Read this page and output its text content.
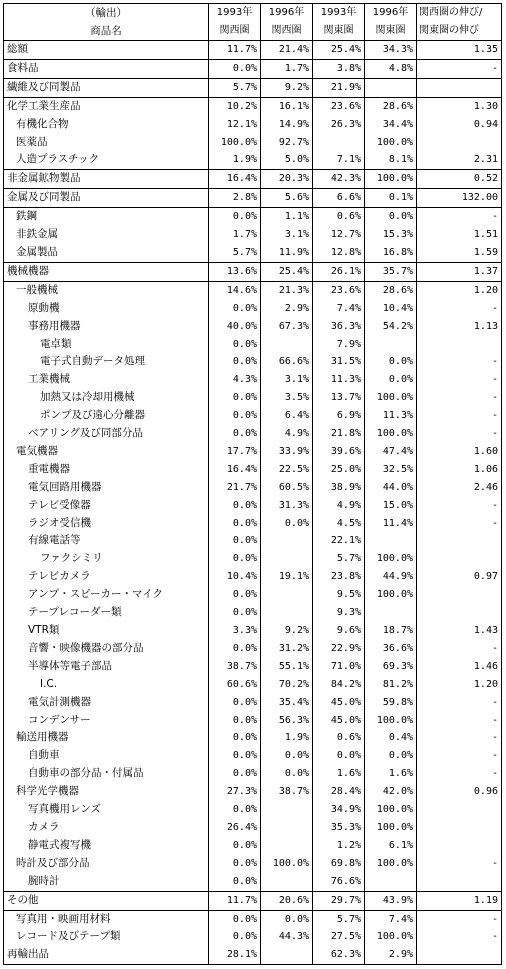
（輸出）	1993年	1996年	1993年	1996年	関西圏の伸び/
商品名	関西圏	関西圏	関東圏	関東圏	関東圏の伸び
総額	11.7%	21.4%	25.4%	34.3%	1.35
食料品	0.0%	1.7%	3.8%	4.8%	-
繊維及び同製品	5.7%	9.2%	21.9%		
化学工業生産品	10.2%	16.1%	23.6%	28.6%	1.30
有機化合物	12.1%	14.9%	26.3%	34.4%	0.94
医薬品	100.0%	92.7%		100.0%	
人造プラスチック	1.9%	5.0%	7.1%	8.1%	2.31
非金属鉱物製品	16.4%	20.3%	42.3%	100.0%	0.52
金属及び同製品	2.8%	5.6%	6.6%	0.1%	132.00
鉄鋼	0.0%	1.1%	0.6%	0.0%	-
非鉄金属	1.7%	3.1%	12.7%	15.3%	1.51
金属製品	5.7%	11.9%	12.8%	16.8%	1.59
機械機器	13.6%	25.4%	26.1%	35.7%	1.37
一般機械	14.6%	21.3%	23.6%	28.6%	1.20
原動機	0.0%	2.9%	7.4%	10.4%	-
事務用機器	40.0%	67.3%	36.3%	54.2%	1.13
電卓類	0.0%		7.9%		
電子式自動データ処理	0.0%	66.6%	31.5%	0.0%	-
工業機械	4.3%	3.1%	11.3%	0.0%	-
加熱又は冷却用機械	0.0%	3.5%	13.7%	100.0%	-
ポンプ及び遠心分離器	0.0%	6.4%	6.9%	11.3%	-
ベアリング及び同部分品	0.0%	4.9%	21.8%	100.0%	-
電気機器	17.7%	33.9%	39.6%	47.4%	1.60
重電機器	16.4%	22.5%	25.0%	32.5%	1.06
電気回路用機器	21.7%	60.5%	38.9%	44.0%	2.46
テレビ受像器	0.0%	31.3%	4.9%	15.0%	-
ラジオ受信機	0.0%	0.0%	4.5%	11.4%	-
有線電話等	0.0%		22.1%		
ファクシミリ	0.0%		5.7%	100.0%	
テレビカメラ	10.4%	19.1%	23.8%	44.9%	0.97
アンプ・スピーカー・マイク	0.0%		9.5%	100.0%	
テープレコーダー類	0.0%		9.3%		
VTR類	3.3%	9.2%	9.6%	18.7%	1.43
音響・映像機器の部分品	0.0%	31.2%	22.9%	36.6%	-
半導体等電子部品	38.7%	55.1%	71.0%	69.3%	1.46
I.C.	60.6%	70.2%	84.2%	81.2%	1.20
電気計測機器	0.0%	35.4%	45.0%	59.8%	-
コンデンサー	0.0%	56.3%	45.0%	100.0%	-
輸送用機器	0.0%	1.9%	0.6%	0.4%	-
自動車	0.0%	0.0%	0.0%	0.0%	-
自動車の部分品・付属品	0.0%	0.0%	1.6%	1.6%	-
科学光学機器	27.3%	38.7%	28.4%	42.0%	0.96
写真機用レンズ	0.0%		34.9%	100.0%	
カメラ	26.4%		35.3%	100.0%	
静電式複写機	0.0%		1.2%	6.1%	
時計及び部分品	0.0%	100.0%	69.8%	100.0%	-
腕時計	0.0%		76.6%		
その他	11.7%	20.6%	29.7%	43.9%	1.19
写真用・映画用材料	0.0%	0.0%	5.7%	7.4%	-
レコード及びテープ類	0.0%	44.3%	27.5%	100.0%	-
再輸出品	28.1%		62.3%	2.9%	
